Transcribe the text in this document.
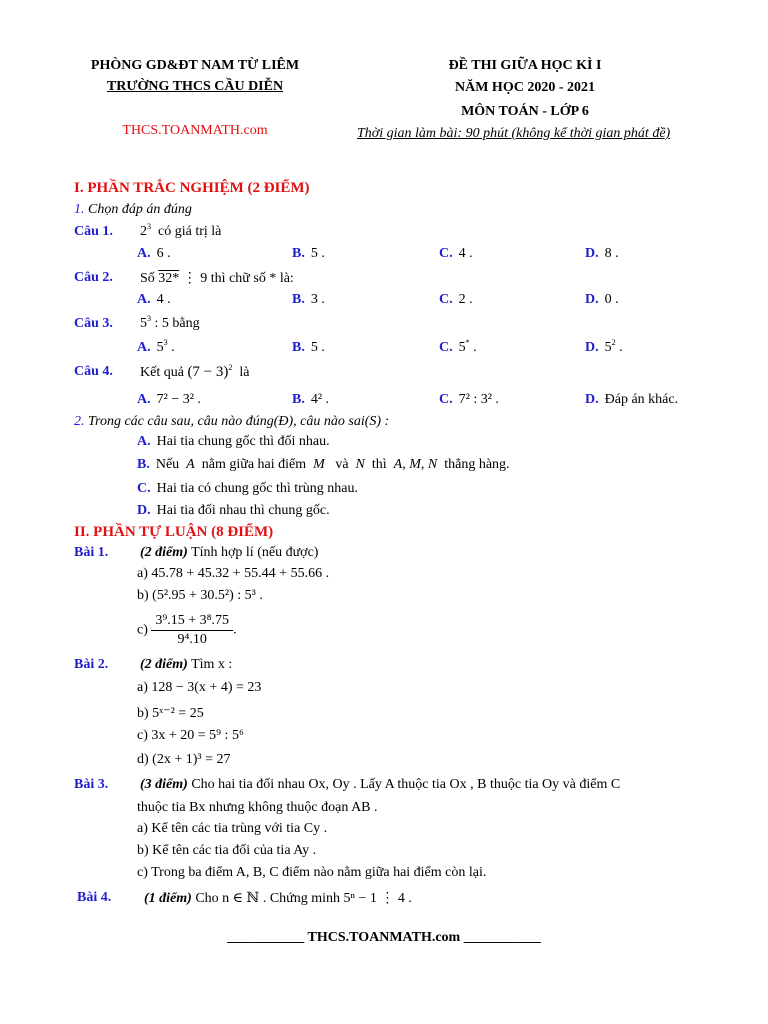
PHÒNG GD&ĐT NAM TỪ LIÊM
TRƯỜNG THCS CẦU DIỄN
THCS.TOANMATH.com
ĐỀ THI GIỮA HỌC KÌ I
NĂM HỌC 2020 - 2021
MÔN TOÁN - LỚP 6
Thời gian làm bài: 90 phút (không kể thời gian phát đề)
I. PHẦN TRẮC NGHIỆM (2 ĐIỂM)
1. Chọn đáp án đúng
Câu 1. $2^3$ có giá trị là
A. 6 .	B. 5 .	C. 4 .	D. 8 .
Câu 2. Số 32* ⋮ 9 thì chữ số * là:
A. 4 .	B. 3 .	C. 2 .	D. 0 .
Câu 3. $5^3$ : 5 bằng
A. $5^3$ .	B. 5 .	C. 5* .	D. $5^2$ .
Câu 4. Kết quả $(7 - 3)^2$ là
A. 7² − 3² .	B. 4² .	C. 7² : 3² .	D. Đáp án khác.
2. Trong các câu sau, câu nào đúng(Đ), câu nào sai(S) :
A. Hai tia chung gốc thì đối nhau.
B. Nếu A nằm giữa hai điểm M và N thì A, M, N thẳng hàng.
C. Hai tia có chung gốc thì trùng nhau.
D. Hai tia đối nhau thì chung gốc.
II. PHẦN TỰ LUẬN (8 ĐIỂM)
Bài 1. (2 điểm) Tính hợp lí (nếu được)
a) 45.78 + 45.32 + 55.44 + 55.66 .
b) (5².95 + 30.5²) : 5³ .
$c) \frac{\text{3⁹.15 + 3⁸.75}}{\text{9⁴.10}}$ .
Bài 2. (2 điểm) Tìm x :
a) 128 − 3(x + 4) = 23
b) 5ˣ⁻² = 25
c) 3x + 20 = 5⁹ : 5⁶
d) (2x + 1)³ = 27
Bài 3. (3 điểm) Cho hai tia đối nhau Ox, Oy . Lấy A thuộc tia Ox , B thuộc tia Oy và điểm C
thuộc tia Bx nhưng không thuộc đoạn AB .
a) Kể tên các tia trùng với tia Cy .
b) Kể tên các tia đối của tia Ay .
c) Trong ba điểm A, B, C điểm nào nằm giữa hai điểm còn lại.
Bài 4. (1 điểm) Cho n ∈ ℕ . Chứng minh 5ⁿ − 1 ⋮ 4 .
___________ THCS.TOANMATH.com ___________
